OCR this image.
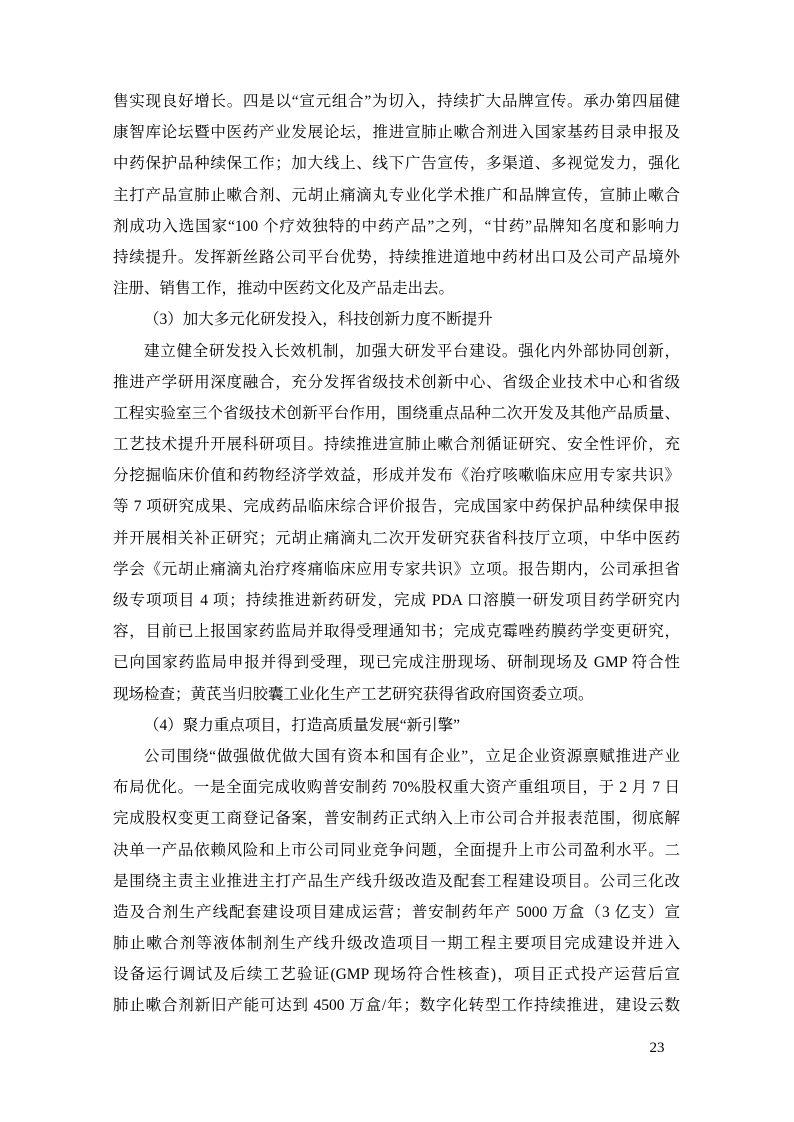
售实现良好增长。四是以“宣元组合”为切入，持续扩大品牌宣传。承办第四届健
康智库论坛暨中医药产业发展论坛，推进宣肺止嗽合剂进入国家基药目录申报及
中药保护品种续保工作；加大线上、线下广告宣传，多渠道、多视觉发力，强化
主打产品宣肺止嗽合剂、元胡止痛滴丸专业化学术推广和品牌宣传，宣肺止嗽合
剂成功入选国家“100 个疗效独特的中药产品”之列，“甘药”品牌知名度和影响力
持续提升。发挥新丝路公司平台优势，持续推进道地中药材出口及公司产品境外
注册、销售工作，推动中医药文化及产品走出去。
（3）加大多元化研发投入，科技创新力度不断提升
建立健全研发投入长效机制，加强大研发平台建设。强化内外部协同创新，
推进产学研用深度融合，充分发挥省级技术创新中心、省级企业技术中心和省级
工程实验室三个省级技术创新平台作用，围绕重点品种二次开发及其他产品质量、
工艺技术提升开展科研项目。持续推进宣肺止嗽合剂循证研究、安全性评价，充
分挖掘临床价值和药物经济学效益，形成并发布《治疗咳嗽临床应用专家共识》
等 7 项研究成果、完成药品临床综合评价报告，完成国家中药保护品种续保申报
并开展相关补正研究；元胡止痛滴丸二次开发研究获省科技厅立项，中华中医药
学会《元胡止痛滴丸治疗疼痛临床应用专家共识》立项。报告期内，公司承担省
级专项项目 4 项；持续推进新药研发，完成 PDA 口溶膜一研发项目药学研究内
容，目前已上报国家药监局并取得受理通知书；完成克霉唑药膜药学变更研究，
已向国家药监局申报并得到受理，现已完成注册现场、研制现场及 GMP 符合性
现场检查；黄芪当归胶囊工业化生产工艺研究获得省政府国资委立项。
（4）聚力重点项目，打造高质量发展“新引擎”
公司围绕“做强做优做大国有资本和国有企业”，立足企业资源禀赋推进产业
布局优化。一是全面完成收购普安制药 70%股权重大资产重组项目，于 2 月 7 日
完成股权变更工商登记备案，普安制药正式纳入上市公司合并报表范围，彻底解
决单一产品依赖风险和上市公司同业竞争问题，全面提升上市公司盈利水平。二
是围绕主责主业推进主打产品生产线升级改造及配套工程建设项目。公司三化改
造及合剂生产线配套建设项目建成运营；普安制药年产 5000 万盒（3 亿支）宣
肺止嗽合剂等液体制剂生产线升级改造项目一期工程主要项目完成建设并进入
设备运行调试及后续工艺验证(GMP 现场符合性核查)，项目正式投产运营后宣
肺止嗽合剂新旧产能可达到 4500 万盒/年；数字化转型工作持续推进，建设云数
23
